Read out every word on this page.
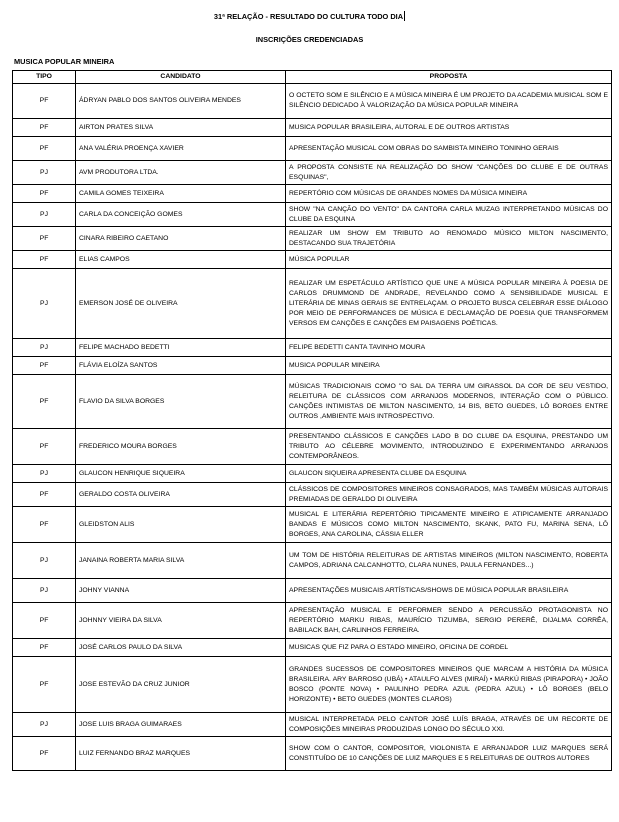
31ª RELAÇÃO - RESULTADO DO CULTURA TODO DIA
INSCRIÇÕES CREDENCIADAS
MUSICA POPULAR MINEIRA
TIPO	CANDIDATO	PROPOSTA
PF	ÁDRYAN PABLO DOS SANTOS OLIVEIRA MENDES	O OCTETO SOM E SILÊNCIO E A MÚSICA MINEIRA É UM PROJETO DA ACADEMIA MUSICAL SOM E SILÊNCIO DEDICADO À VALORIZAÇÃO DA MÚSICA POPULAR MINEIRA
PF	AIRTON PRATES SILVA	MUSICA POPULAR BRASILEIRA, AUTORAL E DE OUTROS ARTISTAS
PF	ANA VALÉRIA PROENÇA XAVIER	APRESENTAÇÃO MUSICAL COM OBRAS DO SAMBISTA MINEIRO TONINHO GERAIS
PJ	AVM PRODUTORA LTDA.	A PROPOSTA CONSISTE NA REALIZAÇÃO DO SHOW "CANÇÕES DO CLUBE E DE OUTRAS ESQUINAS",
PF	CAMILA GOMES TEIXEIRA	REPERTÓRIO COM MÚSICAS DE GRANDES NOMES DA MÚSICA MINEIRA
PJ	CARLA DA CONCEIÇÃO GOMES	SHOW "NA CANÇÃO DO VENTO" DA CANTORA CARLA MUZAG INTERPRETANDO MÚSICAS DO CLUBE DA ESQUINA
PF	CINARA RIBEIRO CAETANO	REALIZAR UM SHOW EM TRIBUTO AO RENOMADO MÚSICO MILTON NASCIMENTO, DESTACANDO SUA TRAJETÓRIA
PF	ELIAS CAMPOS	MÚSICA POPULAR
PJ	EMERSON JOSÉ DE OLIVEIRA	REALIZAR UM ESPETÁCULO ARTÍSTICO QUE UNE A MÚSICA POPULAR MINEIRA À POESIA DE CARLOS DRUMMOND DE ANDRADE, REVELANDO COMO A SENSIBILIDADE MUSICAL E LITERÁRIA DE MINAS GERAIS SE ENTRELAÇAM. O PROJETO BUSCA CELEBRAR ESSE DIÁLOGO POR MEIO DE PERFORMANCES DE MÚSICA E DECLAMAÇÃO DE POESIA QUE TRANSFORMEM VERSOS EM CANÇÕES E CANÇÕES EM PAISAGENS POÉTICAS.
PJ	FELIPE MACHADO BEDETTI	FELIPE BEDETTI CANTA TAVINHO MOURA
PF	FLÁVIA ELOÍZA SANTOS	MUSICA POPULAR MINEIRA
PF	FLAVIO DA SILVA BORGES	MÚSICAS TRADICIONAIS COMO "O SAL DA TERRA UM GIRASSOL DA COR DE SEU VESTIDO, RELEITURA DE CLÁSSICOS COM ARRANJOS MODERNOS, INTERAÇÃO COM O PÚBLICO. CANÇÕES INTIMISTAS DE MILTON NASCIMENTO, 14 BIS, BETO GUEDES, LÔ BORGES ENTRE OUTROS ,AMBIENTE MAIS INTROSPECTIVO.
PF	FREDERICO MOURA BORGES	PRESENTANDO CLÁSSICOS E CANÇÕES LADO B DO CLUBE DA ESQUINA, PRESTANDO UM TRIBUTO AO CÉLEBRE MOVIMENTO, INTRODUZINDO E EXPERIMENTANDO ARRANJOS CONTEMPORÂNEOS.
PJ	GLAUCON HENRIQUE SIQUEIRA	GLAUCON SIQUEIRA APRESENTA CLUBE DA ESQUINA
PF	GERALDO COSTA OLIVEIRA	CLÁSSICOS DE COMPOSITORES MINEIROS CONSAGRADOS, MAS TAMBÉM MÚSICAS AUTORAIS PREMIADAS DE GERALDO DI OLIVEIRA
PF	GLEIDSTON ALIS	MUSICAL E LITERÁRIA REPERTÓRIO TIPICAMENTE MINEIRO E ATIPICAMENTE ARRANJADO BANDAS E MÚSICOS COMO MILTON NASCIMENTO, SKANK, PATO FU, MARINA SENA, LÔ BORGES, ANA CAROLINA, CÁSSIA ELLER
PJ	JANAINA ROBERTA MARIA SILVA	UM TOM DE HISTÓRIA RELEITURAS DE ARTISTAS MINEIROS (MILTON NASCIMENTO, ROBERTA CAMPOS, ADRIANA CALCANHOTTO, CLARA NUNES, PAULA FERNANDES...)
PJ	JOHNY VIANNA	APRESENTAÇÕES MUSICAIS ARTÍSTICAS/SHOWS DE MÚSICA POPULAR BRASILEIRA
PF	JOHNNY VIEIRA DA SILVA	APRESENTAÇÃO MUSICAL E PERFORMER SENDO A PERCUSSÃO PROTAGONISTA NO REPERTÓRIO MARKU RIBAS, MAURÍCIO TIZUMBA, SERGIO PERERÊ, DIJALMA CORRÊA, BABILACK BAH, CARLINHOS FERREIRA.
PF	JOSÉ CARLOS PAULO DA SILVA	MUSICAS QUE FIZ PARA O ESTADO MINEIRO, OFICINA DE CORDEL
PF	JOSE ESTEVÃO DA CRUZ JUNIOR	GRANDES SUCESSOS DE COMPOSITORES MINEIROS QUE MARCAM A HISTÓRIA DA MÚSICA BRASILEIRA. ARY BARROSO (UBÁ) • ATAULFO ALVES (MIRAÍ) • MARKÚ RIBAS (PIRAPORA) • JOÃO BOSCO (PONTE NOVA) • PAULINHO PEDRA AZUL (PEDRA AZUL) • LÔ BORGES (BELO HORIZONTE) • BETO GUEDES (MONTES CLAROS)
PJ	JOSE LUIS BRAGA GUIMARAES	MUSICAL INTERPRETADA PELO CANTOR JOSÉ LUÍS BRAGA, ATRAVÉS DE UM RECORTE DE COMPOSIÇÕES MINEIRAS PRODUZIDAS LONGO DO SÉCULO XXI.
PF	LUIZ FERNANDO BRAZ MARQUES	SHOW COM O CANTOR, COMPOSITOR, VIOLONISTA E ARRANJADOR LUIZ MARQUES SERÁ CONSTITUÍDO DE 10 CANÇÕES DE LUIZ MARQUES E 5 RELEITURAS DE OUTROS AUTORES
